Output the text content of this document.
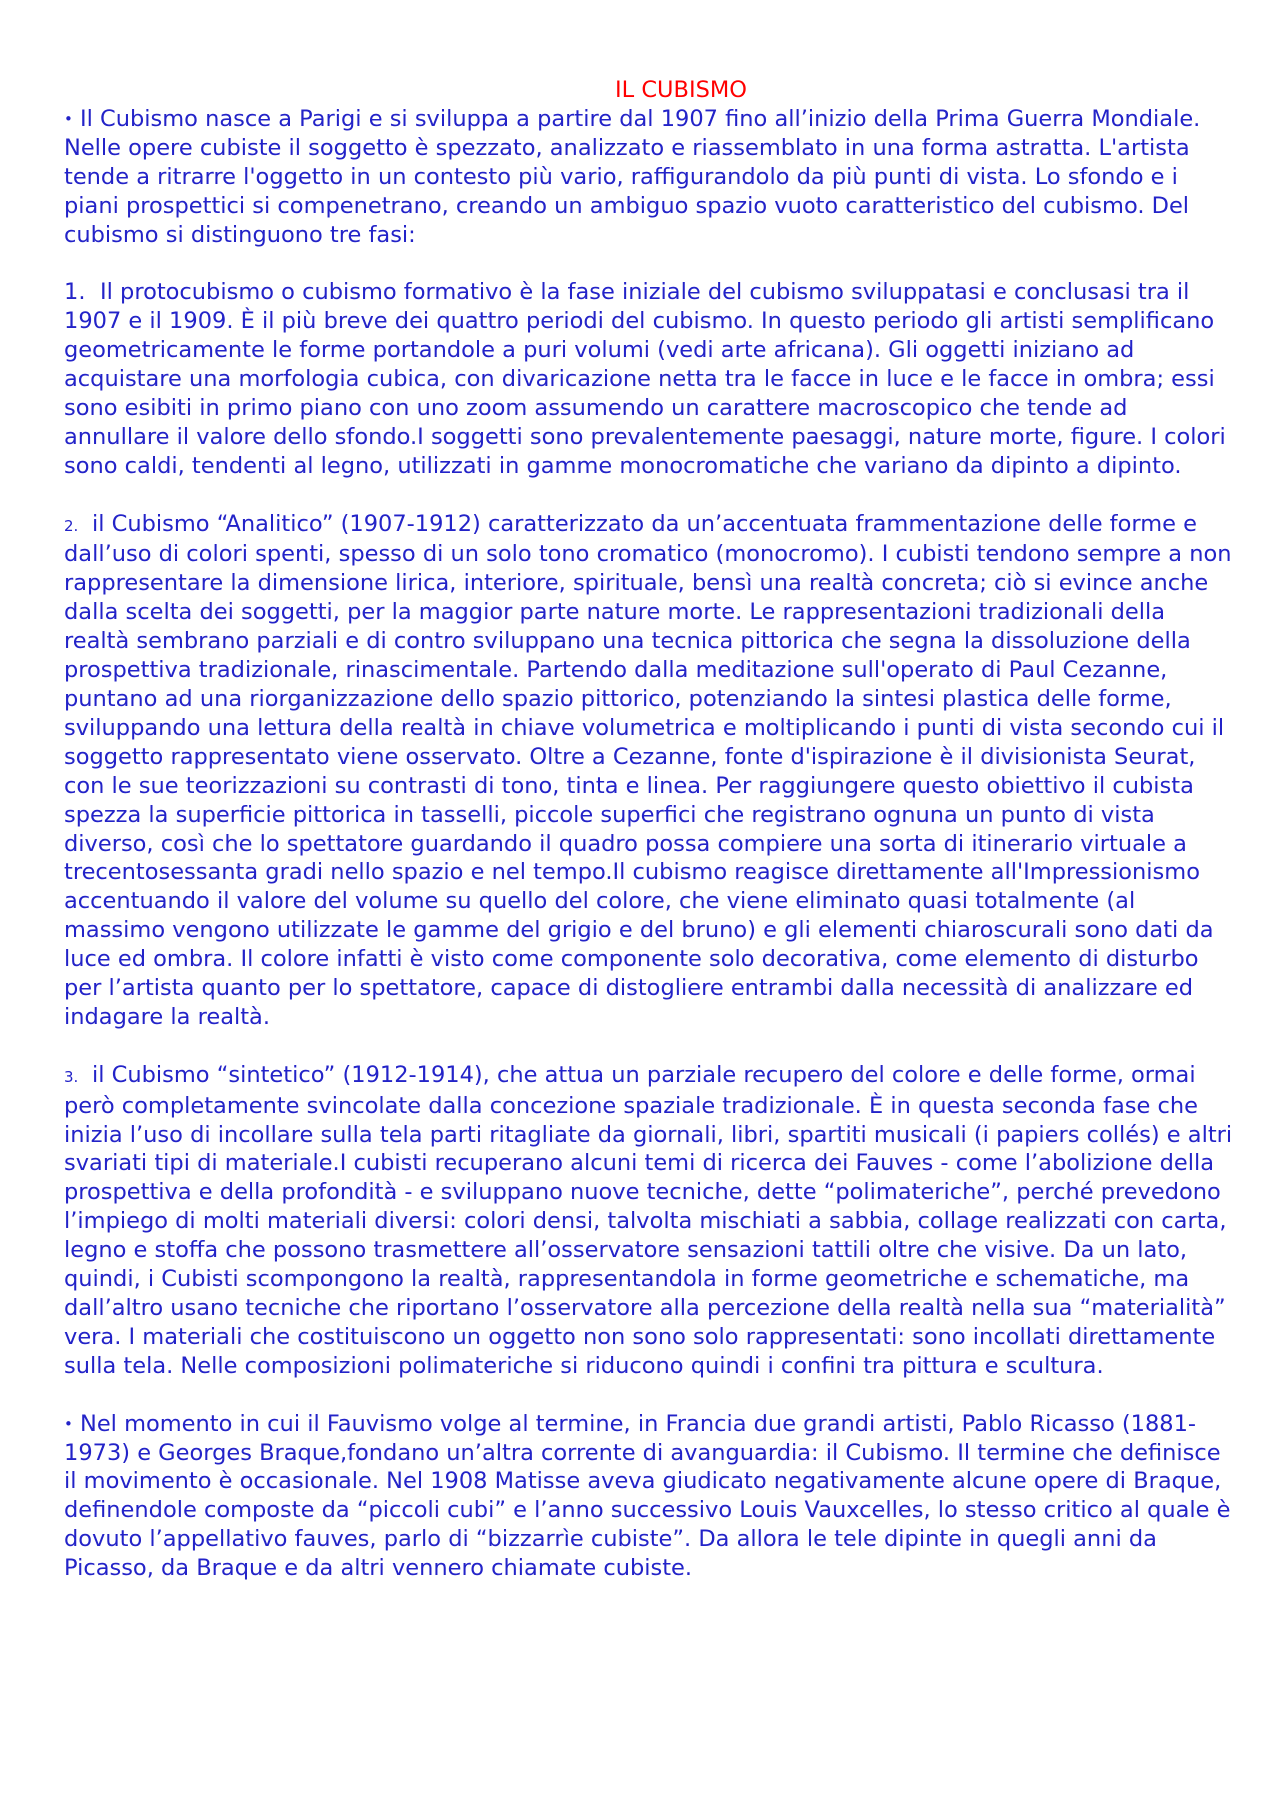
IL CUBISMO

• Il Cubismo nasce a Parigi e si sviluppa a partire dal 1907 fino all’inizio della Prima Guerra Mondiale. Nelle opere cubiste il soggetto è spezzato, analizzato e riassemblato in una forma astratta. L'artista tende a ritrarre l'oggetto in un contesto più vario, raffigurandolo da più punti di vista. Lo sfondo e i piani prospettici si compenetrano, creando un ambiguo spazio vuoto caratteristico del cubismo. Del cubismo si distinguono tre fasi:

1. Il protocubismo o cubismo formativo è la fase iniziale del cubismo sviluppatasi e conclusasi tra il 1907 e il 1909. È il più breve dei quattro periodi del cubismo. In questo periodo gli artisti semplificano geometricamente le forme portandole a puri volumi (vedi arte africana). Gli oggetti iniziano ad acquistare una morfologia cubica, con divaricazione netta tra le facce in luce e le facce in ombra; essi sono esibiti in primo piano con uno zoom assumendo un carattere macroscopico che tende ad annullare il valore dello sfondo.I soggetti sono prevalentemente paesaggi, nature morte, figure. I colori sono caldi, tendenti al legno, utilizzati in gamme monocromatiche che variano da dipinto a dipinto.

2. il Cubismo “Analitico” (1907-1912) caratterizzato da un’accentuata frammentazione delle forme e dall’uso di colori spenti, spesso di un solo tono cromatico (monocromo). I cubisti tendono sempre a non rappresentare la dimensione lirica, interiore, spirituale, bensì una realtà concreta; ciò si evince anche dalla scelta dei soggetti, per la maggior parte nature morte. Le rappresentazioni tradizionali della realtà sembrano parziali e di contro sviluppano una tecnica pittorica che segna la dissoluzione della prospettiva tradizionale, rinascimentale. Partendo dalla meditazione sull'operato di Paul Cezanne, puntano ad una riorganizzazione dello spazio pittorico, potenziando la sintesi plastica delle forme, sviluppando una lettura della realtà in chiave volumetrica e moltiplicando i punti di vista secondo cui il soggetto rappresentato viene osservato. Oltre a Cezanne, fonte d'ispirazione è il divisionista Seurat, con le sue teorizzazioni su contrasti di tono, tinta e linea. Per raggiungere questo obiettivo il cubista spezza la superficie pittorica in tasselli, piccole superfici che registrano ognuna un punto di vista diverso, così che lo spettatore guardando il quadro possa compiere una sorta di itinerario virtuale a trecentosessanta gradi nello spazio e nel tempo.Il cubismo reagisce direttamente all'Impressionismo accentuando il valore del volume su quello del colore, che viene eliminato quasi totalmente (al massimo vengono utilizzate le gamme del grigio e del bruno) e gli elementi chiaroscurali sono dati da luce ed ombra. Il colore infatti è visto come componente solo decorativa, come elemento di disturbo per l’artista quanto per lo spettatore, capace di distogliere entrambi dalla necessità di analizzare ed indagare la realtà.

3. il Cubismo “sintetico” (1912-1914), che attua un parziale recupero del colore e delle forme, ormai però completamente svincolate dalla concezione spaziale tradizionale. È in questa seconda fase che inizia l’uso di incollare sulla tela parti ritagliate da giornali, libri, spartiti musicali (i papiers collés) e altri svariati tipi di materiale.I cubisti recuperano alcuni temi di ricerca dei Fauves - come l’abolizione della prospettiva e della profondità - e sviluppano nuove tecniche, dette “polimateriche”, perché prevedono l’impiego di molti materiali diversi: colori densi, talvolta mischiati a sabbia, collage realizzati con carta, legno e stoffa che possono trasmettere all’osservatore sensazioni tattili oltre che visive. Da un lato, quindi, i Cubisti scompongono la realtà, rappresentandola in forme geometriche e schematiche, ma dall’altro usano tecniche che riportano l’osservatore alla percezione della realtà nella sua “materialità” vera. I materiali che costituiscono un oggetto non sono solo rappresentati: sono incollati direttamente sulla tela. Nelle composizioni polimateriche si riducono quindi i confini tra pittura e scultura.

• Nel momento in cui il Fauvismo volge al termine, in Francia due grandi artisti, Pablo Ricasso (1881-1973) e Georges Braque,fondano un’altra corrente di avanguardia: il Cubismo. Il termine che definisce il movimento è occasionale. Nel 1908 Matisse aveva giudicato negativamente alcune opere di Braque, definendole composte da “piccoli cubi” e l’anno successivo Louis Vauxcelles, lo stesso critico al quale è dovuto l’appellativo fauves, parlo di “bizzarrìe cubiste”. Da allora le tele dipinte in quegli anni da Picasso, da Braque e da altri vennero chiamate cubiste.
